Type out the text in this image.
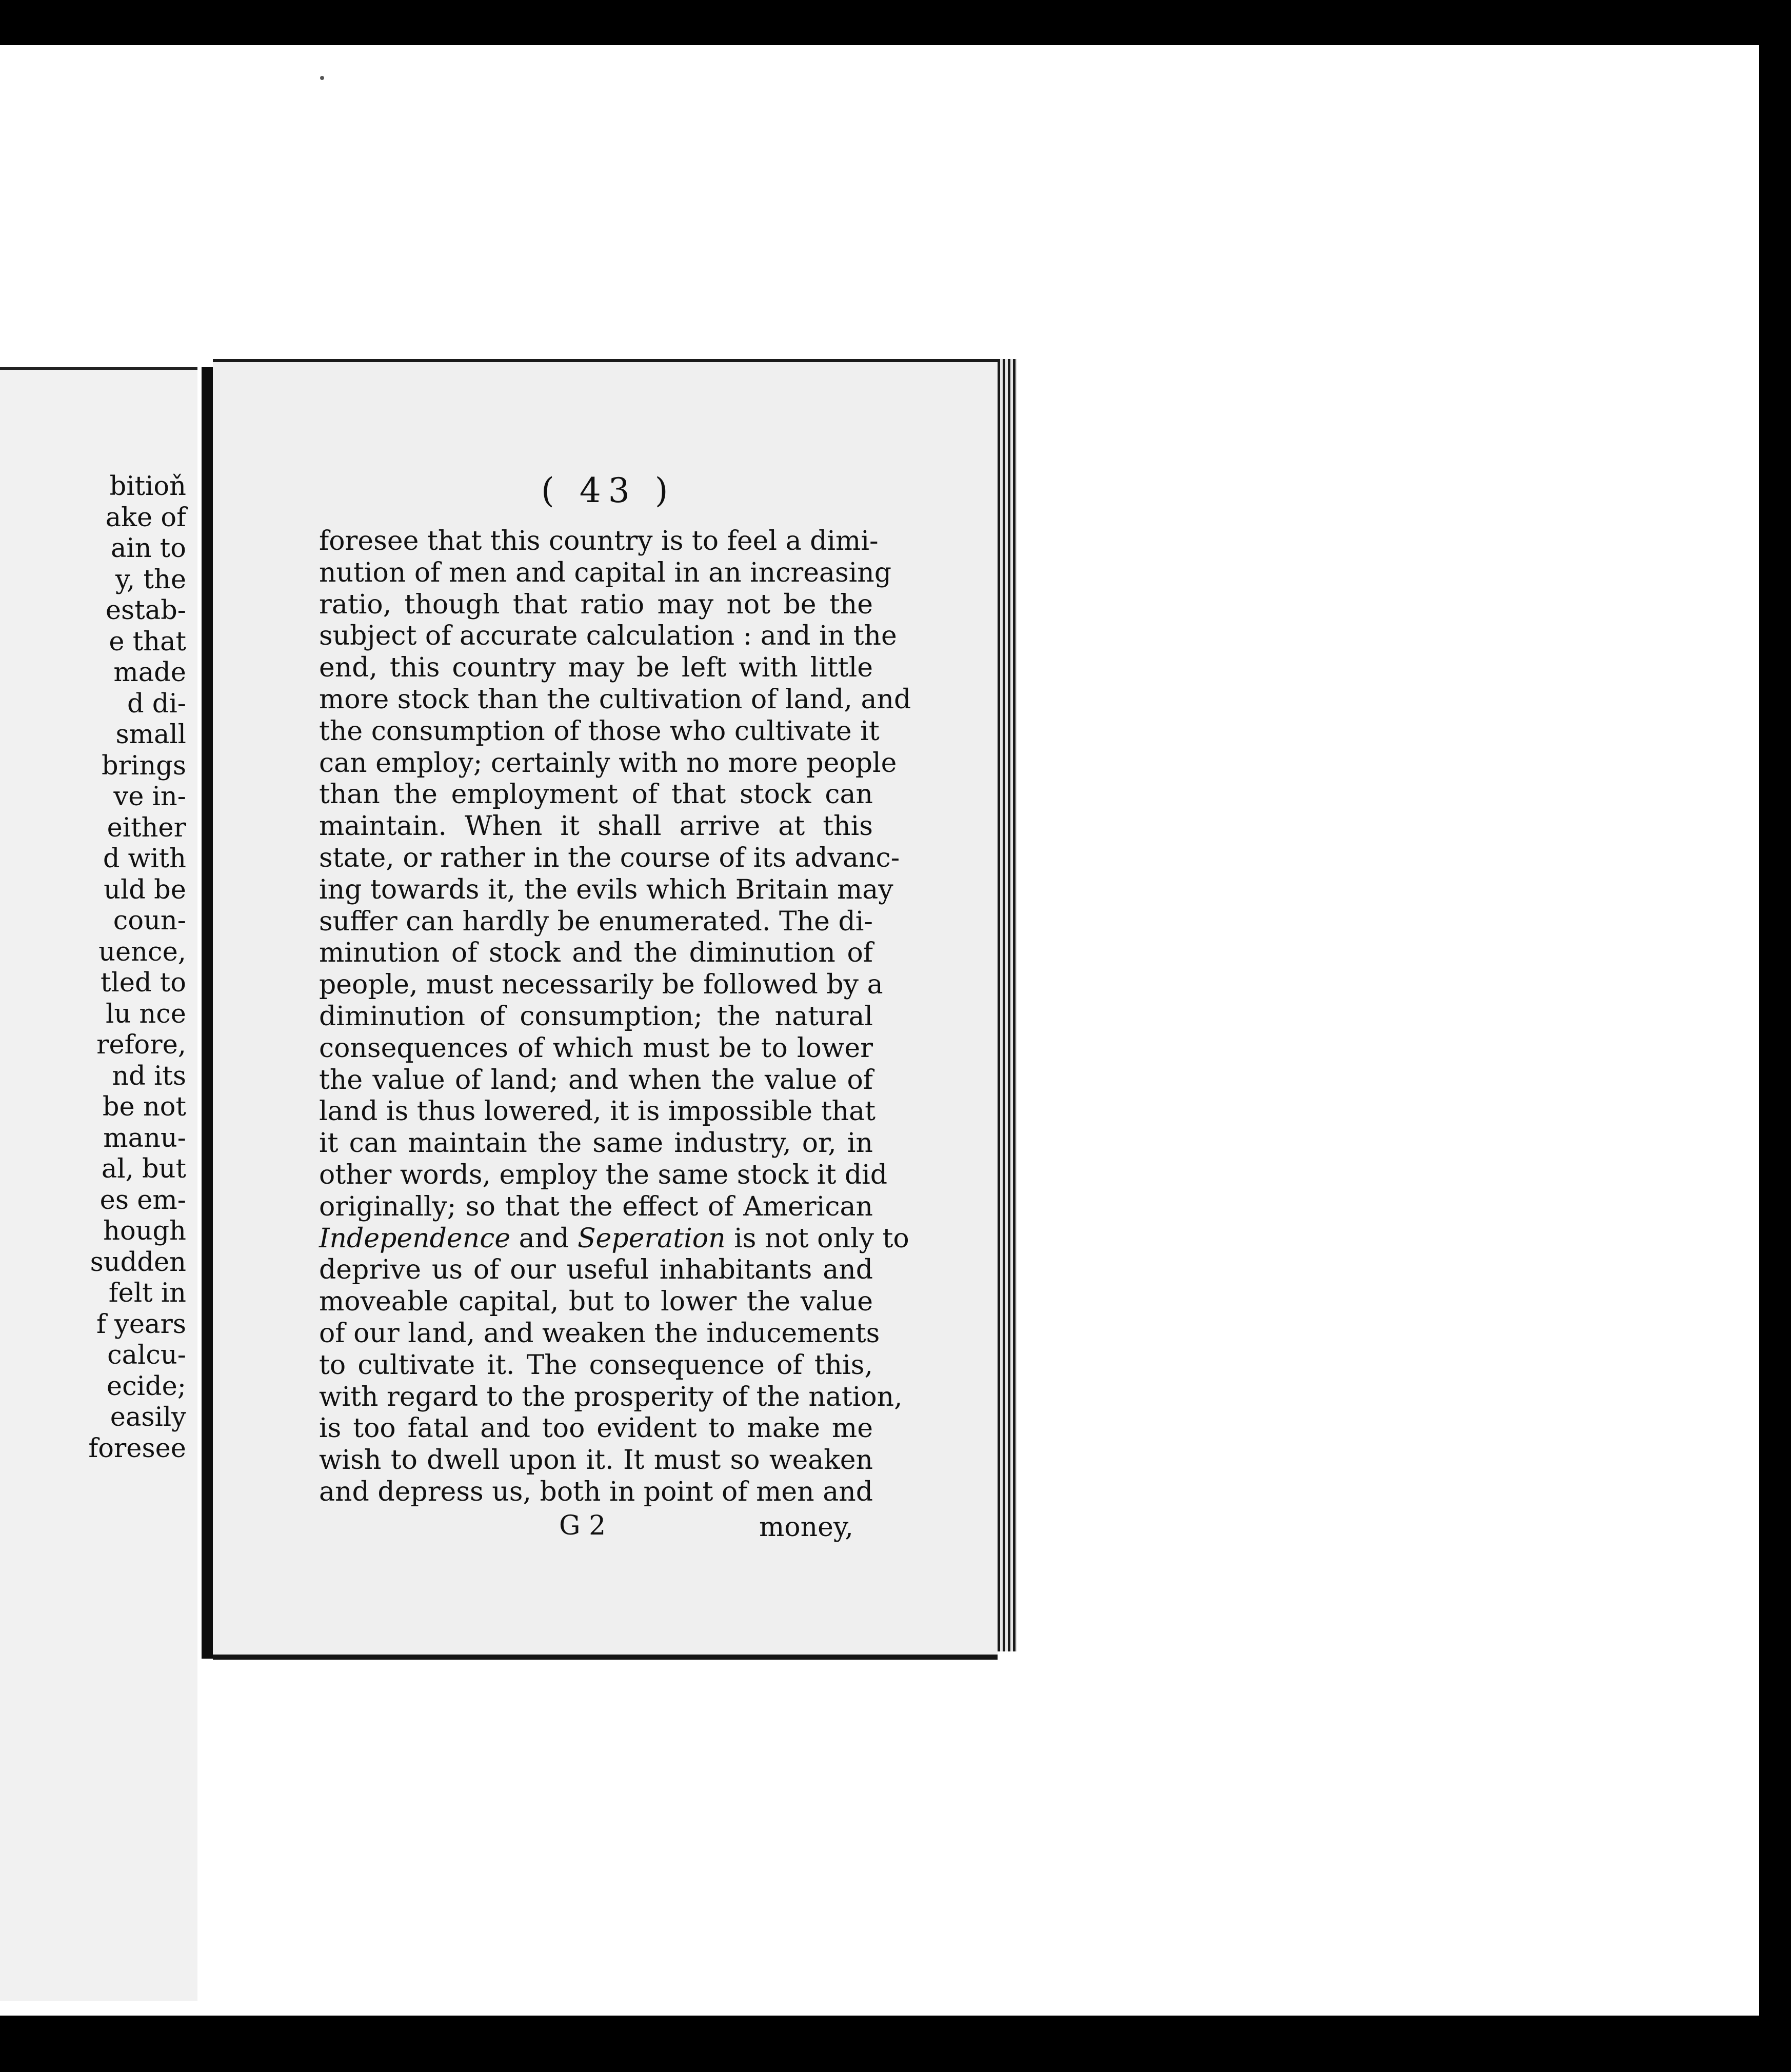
bitioň
ake of
ain to
y, the
estab-
e that
made
d di-
small
brings
ve in-
either
d with
uld be
coun-
uence,
tled to
lu nce
refore,
nd its
be not
manu-
al, but
es em-
hough
sudden
felt in
f years
calcu-
ecide;
easily
foresee
( 43 )
foresee that this country is to feel a dimi-
nution of men and capital in an increasing
ratio, though that ratio may not be the
subject of accurate calculation : and in the
end, this country may be left with little
more stock than the cultivation of land, and
the consumption of those who cultivate it
can employ; certainly with no more people
than the employment of that stock can
maintain. When it shall arrive at this
state, or rather in the course of its advanc-
ing towards it, the evils which Britain may
suffer can hardly be enumerated. The di-
minution of stock and the diminution of
people, must necessarily be followed by a
diminution of consumption; the natural
consequences of which must be to lower
the value of land; and when the value of
land is thus lowered, it is impossible that
it can maintain the same industry, or, in
other words, employ the same stock it did
originally; so that the effect of American
Independence and Seperation is not only to
deprive us of our useful inhabitants and
moveable capital, but to lower the value
of our land, and weaken the inducements
to cultivate it. The consequence of this,
with regard to the prosperity of the nation,
is too fatal and too evident to make me
wish to dwell upon it. It must so weaken
and depress us, both in point of men and
G 2	money,
